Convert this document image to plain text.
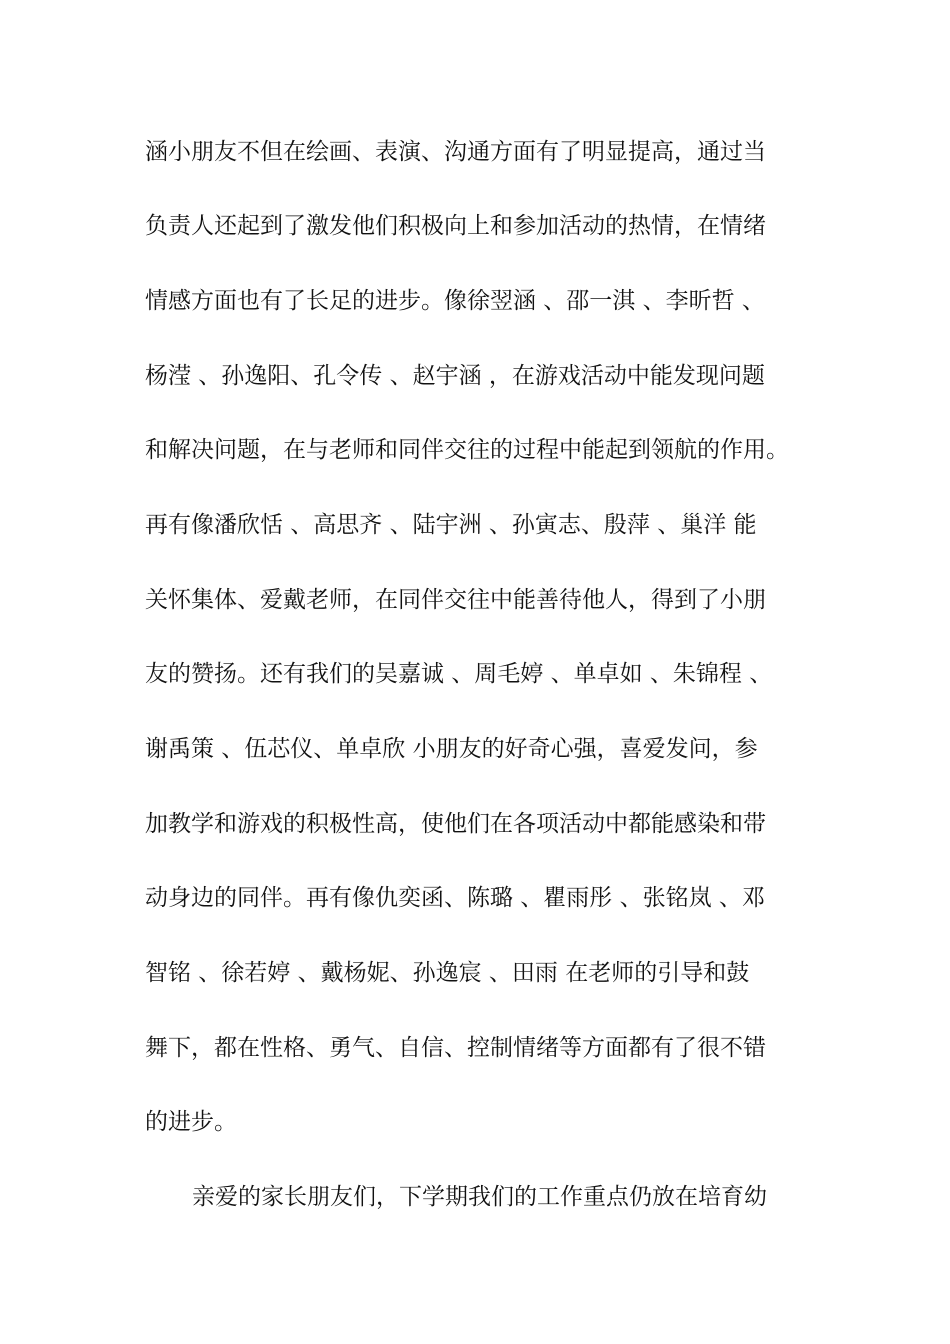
涵小朋友不但在绘画、表演、沟通方面有了明显提高，通过当
负责人还起到了激发他们积极向上和参加活动的热情，在情绪
情感方面也有了长足的进步。像徐翌涵 、邵一淇 、李昕哲 、
杨滢 、孙逸阳、孔令传 、赵宇涵 ，在游戏活动中能发现问题
和解决问题，在与老师和同伴交往的过程中能起到领航的作用。
再有像潘欣恬 、高思齐 、陆宇洲 、孙寅志、殷萍 、巢洋 能
关怀集体、爱戴老师，在同伴交往中能善待他人，得到了小朋
友的赞扬。还有我们的吴嘉诚 、周毛婷 、单卓如 、朱锦程 、
谢禹策 、伍芯仪、单卓欣 小朋友的好奇心强，喜爱发问，参
加教学和游戏的积极性高，使他们在各项活动中都能感染和带
动身边的同伴。再有像仇奕函、陈璐 、瞿雨彤 、张铭岚 、邓
智铭 、徐若婷 、戴杨妮、孙逸宸 、田雨 在老师的引导和鼓
舞下，都在性格、勇气、自信、控制情绪等方面都有了很不错
的进步。
亲爱的家长朋友们，下学期我们的工作重点仍放在培育幼
